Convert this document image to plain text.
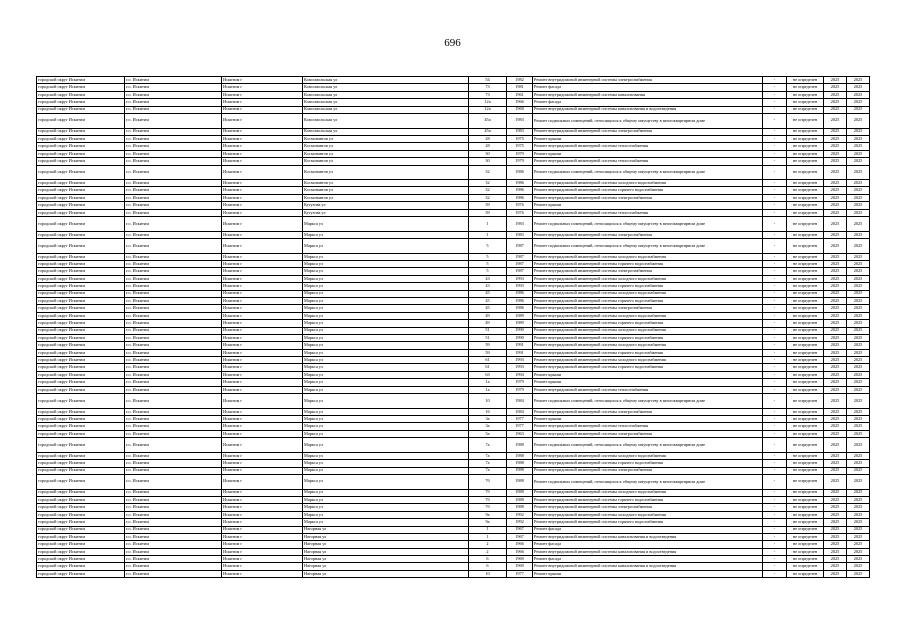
696
городской округ Искитим	г.о. Искитим	Искитим г	Комсомольская ул	54	1982	Ремонт внутридомовой инженерной системы электроснабжения	-	не определен	2025	2025
городской округ Искитим	г.о. Искитим	Искитим г	Комсомольская ул	73	1981	Ремонт фасада	-	не определен	2025	2025
городской округ Искитим	г.о. Искитим	Искитим г	Комсомольская ул	73	1961	Ремонт внутридомовой инженерной системы канализования	-	не определен	2025	2025
городской округ Искитим	г.о. Искитим	Искитим г	Комсомольская ул	12а	1966	Ремонт фасада	-	не определен	2025	2025
городской округ Искитим	г.о. Искитим	Искитим г	Комсомольская ул	12а	1968	Ремонт внутридомовой инженерной системы канализования и водоотведения	-	не определен	2025	2025
городской округ Искитим	г.о. Искитим	Искитим г	Комсомольская ул	45а	1983	Ремонт подвальных помещений, относящихся к общему имуществу в многоквартирном доме	-	не определен	2025	2025
городской округ Искитим	г.о. Искитим	Искитим г	Комсомольская ул	45а	1983	Ремонт внутридомовой инженерной системы электроснабжения	-	не определен	2025	2025
городской округ Искитим	г.о. Искитим	Искитим г	Космонавтов ул	28	1975	Ремонт крыши	-	не определен	2025	2025
городской округ Искитим	г.о. Искитим	Искитим г	Космонавтов ул	28	1975	Ремонт внутридомовой инженерной системы теплоснабжения	-	не определен	2025	2025
городской округ Искитим	г.о. Искитим	Искитим г	Космонавтов ул	30	1979	Ремонт крыши	-	не определен	2025	2025
городской округ Искитим	г.о. Искитим	Искитим г	Космонавтов ул	30	1979	Ремонт внутридомовой инженерной системы теплоснабжения	-	не определен	2025	2025
городской округ Искитим	г.о. Искитим	Искитим г	Космонавтов ул	32	1986	Ремонт подвальных помещений, относящихся к общему имуществу в многоквартирном доме	-	не определен	2025	2025
городской округ Искитим	г.о. Искитим	Искитим г	Космонавтов ул	32	1986	Ремонт внутридомовой инженерной системы холодного водоснабжения	-	не определен	2025	2025
городской округ Искитим	г.о. Искитим	Искитим г	Космонавтов ул	32	1986	Ремонт внутридомовой инженерной системы горячего водоснабжения	-	не определен	2025	2025
городской округ Искитим	г.о. Искитим	Искитим г	Космонавтов ул	32	1986	Ремонт внутридомовой инженерной системы электроснабжения	-	не определен	2025	2025
городской округ Искитим	г.о. Искитим	Искитим г	Кутузова ул	39	1976	Ремонт крыши	-	не определен	2025	2025
городской округ Искитим	г.о. Искитим	Искитим г	Кутузова ул	39	1976	Ремонт внутридомовой инженерной системы теплоснабжения	-	не определен	2025	2025
городской округ Искитим	г.о. Искитим	Искитим г	Маркса ул	1	1983	Ремонт подвальных помещений, относящихся к общему имуществу в многоквартирном доме	-	не определен	2025	2025
городской округ Искитим	г.о. Искитим	Искитим г	Маркса ул	1	1983	Ремонт внутридомовой инженерной системы электроснабжения	-	не определен	2025	2025
городской округ Искитим	г.о. Искитим	Искитим г	Маркса ул	5	1987	Ремонт подвальных помещений, относящихся к общему имуществу в многоквартирном доме	-	не определен	2025	2025
городской округ Искитим	г.о. Искитим	Искитим г	Маркса ул	5	1987	Ремонт внутридомовой инженерной системы холодного водоснабжения	-	не определен	2025	2025
городской округ Искитим	г.о. Искитим	Искитим г	Маркса ул	5	1987	Ремонт внутридомовой инженерной системы горячего водоснабжения	-	не определен	2025	2025
городской округ Искитим	г.о. Искитим	Искитим г	Маркса ул	5	1987	Ремонт внутридомовой инженерной системы электроснабжения	-	не определен	2025	2025
городской округ Искитим	г.о. Искитим	Искитим г	Маркса ул	43	1993	Ремонт внутридомовой инженерной системы холодного водоснабжения	-	не определен	2025	2025
городской округ Искитим	г.о. Искитим	Искитим г	Маркса ул	43	1993	Ремонт внутридомовой инженерной системы горячего водоснабжения	-	не определен	2025	2025
городской округ Искитим	г.о. Искитим	Искитим г	Маркса ул	45	1986	Ремонт внутридомовой инженерной системы холодного водоснабжения	-	не определен	2025	2025
городской округ Искитим	г.о. Искитим	Искитим г	Маркса ул	45	1986	Ремонт внутридомовой инженерной системы горячего водоснабжения	-	не определен	2025	2025
городской округ Искитим	г.о. Искитим	Искитим г	Маркса ул	45	1986	Ремонт внутридомовой инженерной системы электроснабжения	-	не определен	2025	2025
городской округ Искитим	г.о. Искитим	Искитим г	Маркса ул	49	1989	Ремонт внутридомовой инженерной системы холодного водоснабжения	-	не определен	2025	2025
городской округ Искитим	г.о. Искитим	Искитим г	Маркса ул	49	1989	Ремонт внутридомовой инженерной системы горячего водоснабжения	-	не определен	2025	2025
городской округ Искитим	г.о. Искитим	Искитим г	Маркса ул	51	1990	Ремонт внутридомовой инженерной системы холодного водоснабжения	-	не определен	2025	2025
городской округ Искитим	г.о. Искитим	Искитим г	Маркса ул	51	1990	Ремонт внутридомовой инженерной системы горячего водоснабжения	-	не определен	2025	2025
городской округ Искитим	г.о. Искитим	Искитим г	Маркса ул	59	1991	Ремонт внутридомовой инженерной системы холодного водоснабжения	-	не определен	2025	2025
городской округ Искитим	г.о. Искитим	Искитим г	Маркса ул	59	1991	Ремонт внутридомовой инженерной системы горячего водоснабжения	-	не определен	2025	2025
городской округ Искитим	г.о. Искитим	Искитим г	Маркса ул	61	1993	Ремонт внутридомовой инженерной системы холодного водоснабжения	-	не определен	2025	2025
городской округ Искитим	г.о. Искитим	Искитим г	Маркса ул	61	1993	Ремонт внутридомовой инженерной системы горячего водоснабжения	-	не определен	2025	2025
городской округ Искитим	г.о. Искитим	Искитим г	Маркса ул	63	1994	Ремонт крыши	-	не определен	2025	2025
городской округ Искитим	г.о. Искитим	Искитим г	Маркса ул	1а	1979	Ремонт крыши	-	не определен	2025	2025
городской округ Искитим	г.о. Искитим	Искитим г	Маркса ул	1а	1979	Ремонт внутридомовой инженерной системы теплоснабжения	-	не определен	2025	2025
городской округ Искитим	г.о. Искитим	Искитим г	Маркса ул	10	1984	Ремонт подвальных помещений, относящихся к общему имуществу в многоквартирном доме	-	не определен	2025	2025
городской округ Искитим	г.о. Искитим	Искитим г	Маркса ул	16	1984	Ремонт внутридомовой инженерной системы электроснабжения	-	не определен	2025	2025
городской округ Искитим	г.о. Искитим	Искитим г	Маркса ул	3а	1977	Ремонт крыши	-	не определен	2025	2025
городской округ Искитим	г.о. Искитим	Искитим г	Маркса ул	3а	1977	Ремонт внутридомовой инженерной системы теплоснабжения	-	не определен	2025	2025
городской округ Искитим	г.о. Искитим	Искитим г	Маркса ул	5а	1963	Ремонт внутридомовой инженерной системы электроснабжения	-	не определен	2025	2025
городской округ Искитим	г.о. Искитим	Искитим г	Маркса ул	7а	1988	Ремонт подвальных помещений, относящихся к общему имуществу в многоквартирном доме	-	не определен	2025	2025
городской округ Искитим	г.о. Искитим	Искитим г	Маркса ул	7а	1988	Ремонт внутридомовой инженерной системы холодного водоснабжения	-	не определен	2025	2025
городской округ Искитим	г.о. Искитим	Искитим г	Маркса ул	7а	1988	Ремонт внутридомовой инженерной системы горячего водоснабжения	-	не определен	2025	2025
городской округ Искитим	г.о. Искитим	Искитим г	Маркса ул	7а	1988	Ремонт внутридомовой инженерной системы электроснабжения	-	не определен	2025	2025
городской округ Искитим	г.о. Искитим	Искитим г	Маркса ул	7б	1988	Ремонт подвальных помещений, относящихся к общему имуществу в многоквартирном доме	-	не определен	2025	2025
городской округ Искитим	г.о. Искитим	Искитим г	Маркса ул	7б	1988	Ремонт внутридомовой инженерной системы холодного водоснабжения	-	не определен	2025	2025
городской округ Искитим	г.о. Искитим	Искитим г	Маркса ул	7б	1988	Ремонт внутридомовой инженерной системы горячего водоснабжения	-	не определен	2025	2025
городской округ Искитим	г.о. Искитим	Искитим г	Маркса ул	7б	1988	Ремонт внутридомовой инженерной системы электроснабжения	-	не определен	2025	2025
городской округ Искитим	г.о. Искитим	Искитим г	Маркса ул	9а	1992	Ремонт внутридомовой инженерной системы холодного водоснабжения	-	не определен	2025	2025
городской округ Искитим	г.о. Искитим	Искитим г	Маркса ул	9а	1992	Ремонт внутридомовой инженерной системы горячего водоснабжения	-	не определен	2025	2025
городской округ Искитим	г.о. Искитим	Искитим г	Нагорная ул	1	1967	Ремонт фасада	-	не определен	2025	2025
городской округ Искитим	г.о. Искитим	Искитим г	Нагорная ул	1	1967	Ремонт внутридомовой инженерной системы канализования и водоотведения	-	не определен	2025	2025
городской округ Искитим	г.о. Искитим	Искитим г	Нагорная ул	2	1966	Ремонт фасада	-	не определен	2025	2025
городской округ Искитим	г.о. Искитим	Искитим г	Нагорная ул	2	1966	Ремонт внутридомовой инженерной системы канализования и водоотведения	-	не определен	2025	2025
городской округ Искитим	г.о. Искитим	Искитим г	Нагорная ул	6	1969	Ремонт фасада	-	не определен	2025	2025
городской округ Искитим	г.о. Искитим	Искитим г	Нагорная ул	6	1969	Ремонт внутридомовой инженерной системы канализования и водоотведения	-	не определен	2025	2025
городской округ Искитим	г.о. Искитим	Искитим г	Нагорная ул	10	1977	Ремонт крыши	-	не определен	2025	2025
